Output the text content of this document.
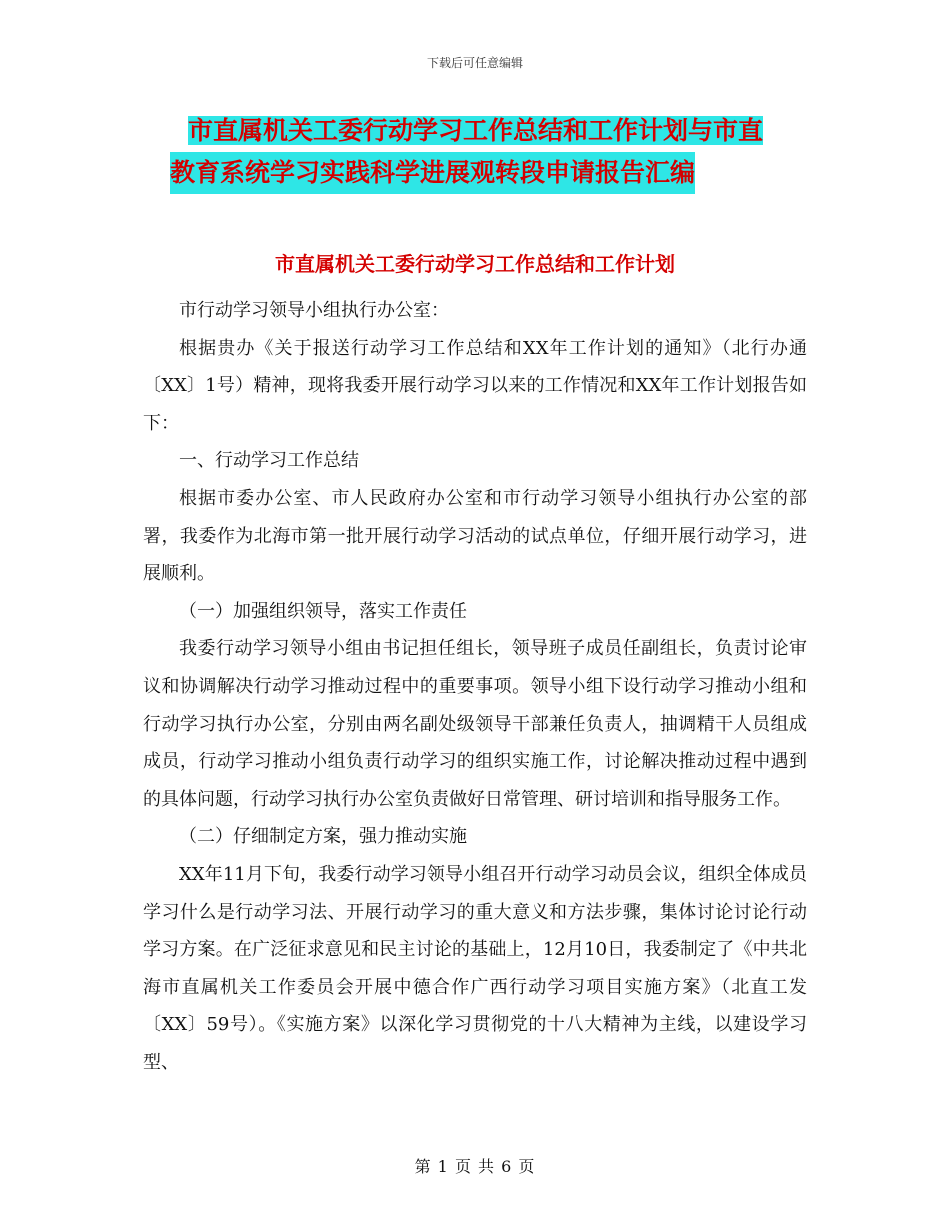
下载后可任意编辑
市直属机关工委行动学习工作总结和工作计划与市直
教育系统学习实践科学进展观转段申请报告汇编
市直属机关工委行动学习工作总结和工作计划

市行动学习领导小组执行办公室：

根据贵办《关于报送行动学习工作总结和XX年工作计划的通知》（北行办通〔XX〕1号）精神，现将我委开展行动学习以来的工作情况和XX年工作计划报告如下：

一、行动学习工作总结

根据市委办公室、市人民政府办公室和市行动学习领导小组执行办公室的部署，我委作为北海市第一批开展行动学习活动的试点单位，仔细开展行动学习，进展顺利。

（一）加强组织领导，落实工作责任

我委行动学习领导小组由书记担任组长，领导班子成员任副组长，负责讨论审议和协调解决行动学习推动过程中的重要事项。领导小组下设行动学习推动小组和行动学习执行办公室，分别由两名副处级领导干部兼任负责人，抽调精干人员组成成员，行动学习推动小组负责行动学习的组织实施工作，讨论解决推动过程中遇到的具体问题，行动学习执行办公室负责做好日常管理、研讨培训和指导服务工作。

（二）仔细制定方案，强力推动实施

XX年11月下旬，我委行动学习领导小组召开行动学习动员会议，组织全体成员学习什么是行动学习法、开展行动学习的重大意义和方法步骤，集体讨论讨论行动学习方案。在广泛征求意见和民主讨论的基础上，12月10日，我委制定了《中共北海市直属机关工作委员会开展中德合作广西行动学习项目实施方案》（北直工发〔XX〕59号）。《实施方案》以深化学习贯彻党的十八大精神为主线，以建设学习型、

第 1 页 共 6 页
